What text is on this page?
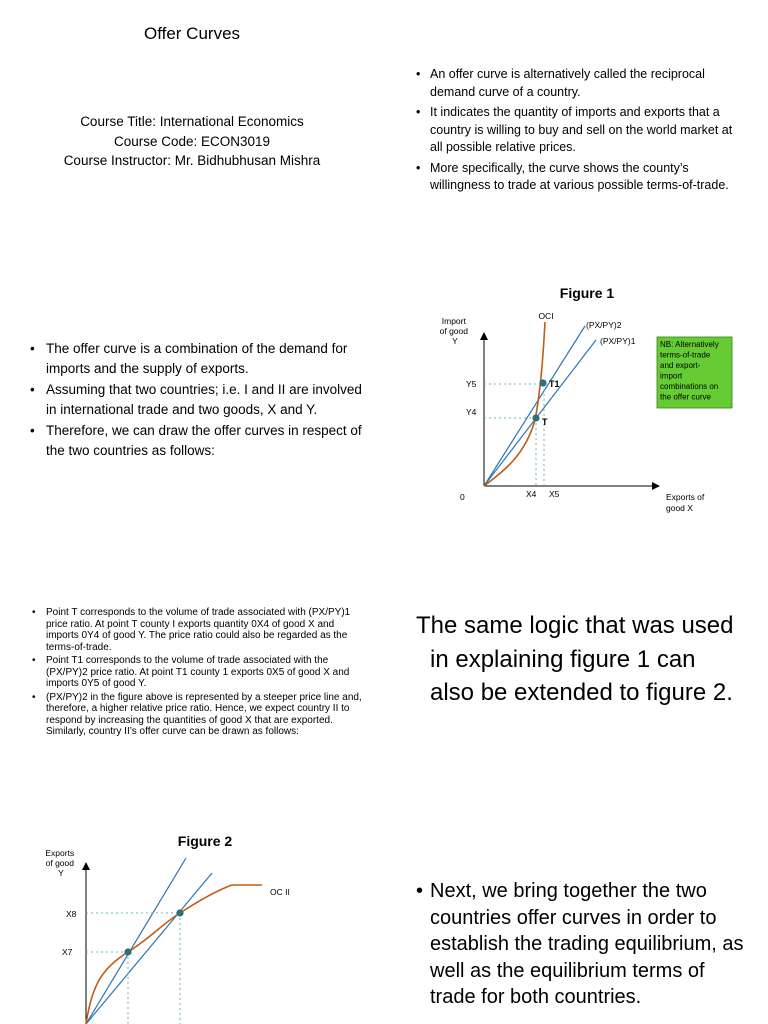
Offer Curves
Course Title: International Economics
Course Code: ECON3019
Course Instructor: Mr. Bidhubhusan Mishra
• An offer curve is alternatively called the reciprocal demand curve of a country.
• It indicates the quantity of imports and exports that a country is willing to buy and sell on the world market at all possible relative prices.
• More specifically, the curve shows the county’s willingness to trade at various possible terms-of-trade.
• The offer curve is a combination of the demand for imports and the supply of exports.
• Assuming that two countries; i.e. I and II are involved in international trade and two goods, X and Y.
• Therefore, we can draw the offer curves in respect of the two countries as follows:
Figure 1
Import of good Y
Exports of good X
0
(PX/PY)2
(PX/PY)1
OCI
Y5
Y4
X4 X5
T1
T
NB: Alternatively terms-of-trade and export- import combinations on the offer curve
• Point T corresponds to the volume of trade associated with (PX/PY)1 price ratio. At point T county I exports quantity 0X4 of good X and imports 0Y4 of good Y. The price ratio could also be regarded as the terms-of-trade.
• Point T1 corresponds to the volume of trade associated with the (PX/PY)2 price ratio. At point T1 county 1 exports 0X5 of good X and imports 0Y5 of good Y.
• (PX/PY)2 in the figure above is represented by a steeper price line and, therefore, a higher relative price ratio. Hence, we expect country II to respond by increasing the quantities of good X that are exported. Similarly, country II’s offer curve can be drawn as follows:
The same logic that was used in explaining figure 1 can also be extended to figure 2.
Figure 2
Exports of good Y
OC II
X8
X7
• Next, we bring together the two countries offer curves in order to establish the trading equilibrium, as well as the equilibrium terms of trade for both countries.
